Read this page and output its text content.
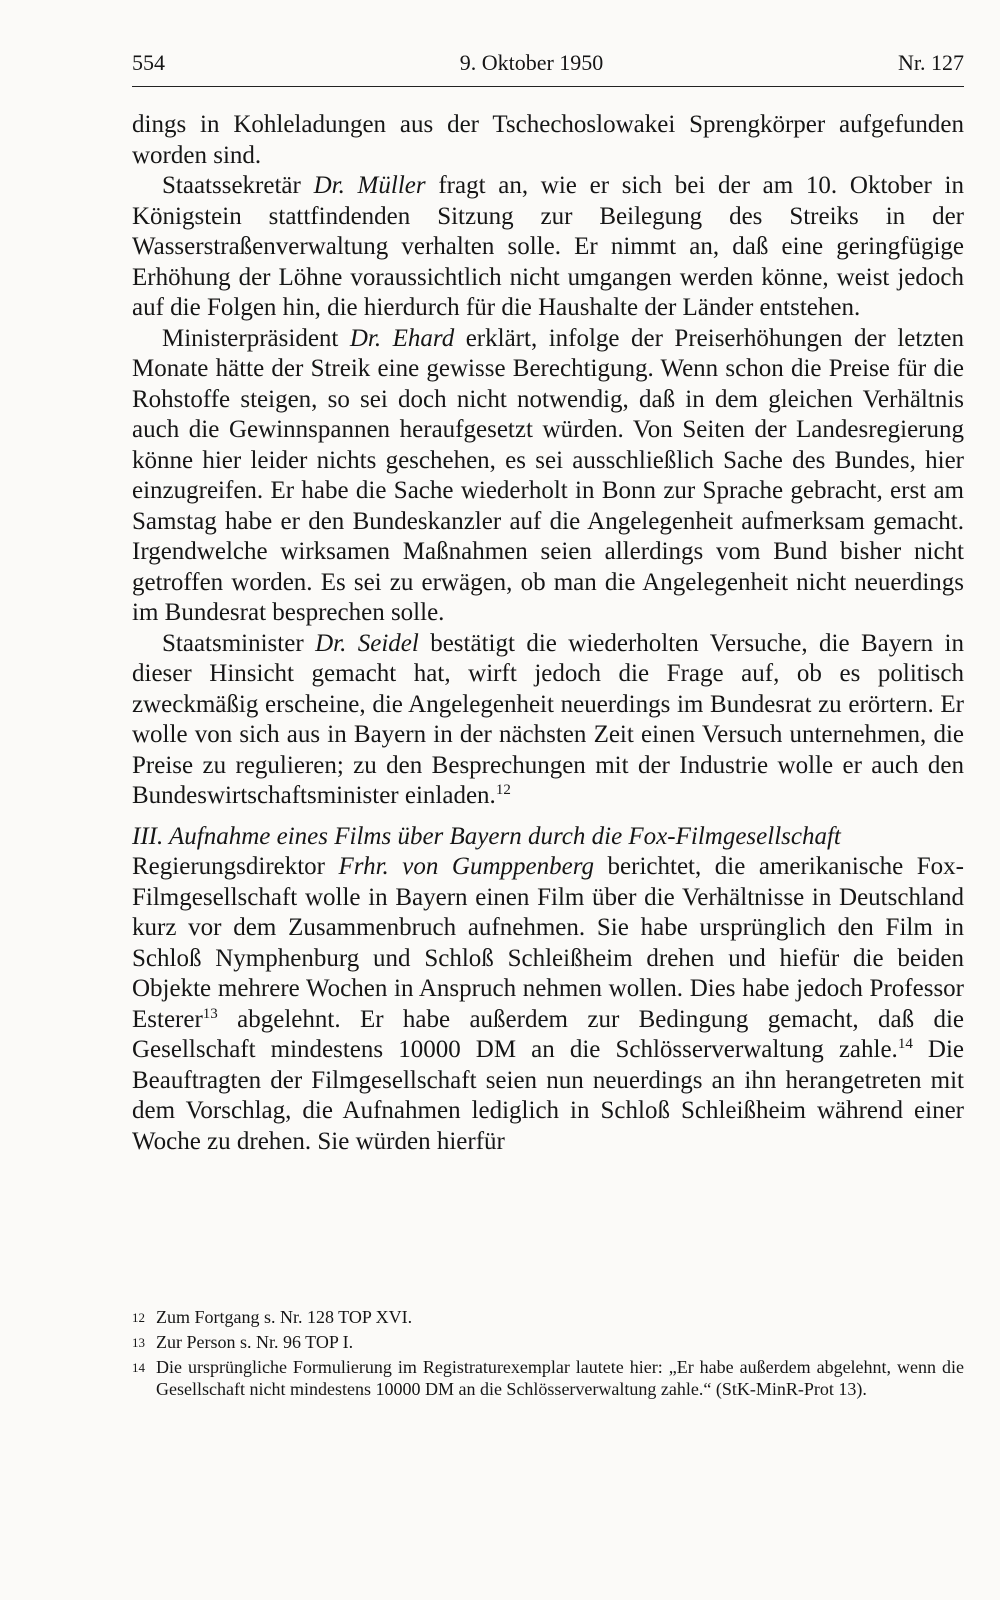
554	9. Oktober 1950	Nr. 127

dings in Kohleladungen aus der Tschechoslowakei Sprengkörper aufgefunden worden sind.

Staatssekretär Dr. Müller fragt an, wie er sich bei der am 10. Oktober in Königstein stattfindenden Sitzung zur Beilegung des Streiks in der Wasserstraßenverwaltung verhalten solle. Er nimmt an, daß eine geringfügige Erhöhung der Löhne voraussichtlich nicht umgangen werden könne, weist jedoch auf die Folgen hin, die hierdurch für die Haushalte der Länder entstehen.

Ministerpräsident Dr. Ehard erklärt, infolge der Preiserhöhungen der letzten Monate hätte der Streik eine gewisse Berechtigung. Wenn schon die Preise für die Rohstoffe steigen, so sei doch nicht notwendig, daß in dem gleichen Verhältnis auch die Gewinnspannen heraufgesetzt würden. Von Seiten der Landesregierung könne hier leider nichts geschehen, es sei ausschließlich Sache des Bundes, hier einzugreifen. Er habe die Sache wiederholt in Bonn zur Sprache gebracht, erst am Samstag habe er den Bundeskanzler auf die Angelegenheit aufmerksam gemacht. Irgendwelche wirksamen Maßnahmen seien allerdings vom Bund bisher nicht getroffen worden. Es sei zu erwägen, ob man die Angelegenheit nicht neuerdings im Bundesrat besprechen solle.

Staatsminister Dr. Seidel bestätigt die wiederholten Versuche, die Bayern in dieser Hinsicht gemacht hat, wirft jedoch die Frage auf, ob es politisch zweckmäßig erscheine, die Angelegenheit neuerdings im Bundesrat zu erörtern. Er wolle von sich aus in Bayern in der nächsten Zeit einen Versuch unternehmen, die Preise zu regulieren; zu den Besprechungen mit der Industrie wolle er auch den Bundeswirtschaftsminister einladen.$^{12}$

III. Aufnahme eines Films über Bayern durch die Fox-Filmgesellschaft

Regierungsdirektor Frhr. von Gumppenberg berichtet, die amerikanische Fox-Filmgesellschaft wolle in Bayern einen Film über die Verhältnisse in Deutschland kurz vor dem Zusammenbruch aufnehmen. Sie habe ursprünglich den Film in Schloß Nymphenburg und Schloß Schleißheim drehen und hiefür die beiden Objekte mehrere Wochen in Anspruch nehmen wollen. Dies habe jedoch Professor Esterer$^{13}$ abgelehnt. Er habe außerdem zur Bedingung gemacht, daß die Gesellschaft mindestens 10000 DM an die Schlösserverwaltung zahle.$^{14}$ Die Beauftragten der Filmgesellschaft seien nun neuerdings an ihn herangetreten mit dem Vorschlag, die Aufnahmen lediglich in Schloß Schleißheim während einer Woche zu drehen. Sie würden hierfür

12 Zum Fortgang s. Nr. 128 TOP XVI.
13 Zur Person s. Nr. 96 TOP I.
14 Die ursprüngliche Formulierung im Registraturexemplar lautete hier: „Er habe außerdem abgelehnt, wenn die Gesellschaft nicht mindestens 10000 DM an die Schlösserverwaltung zahle.“ (StK-MinR-Prot 13).
